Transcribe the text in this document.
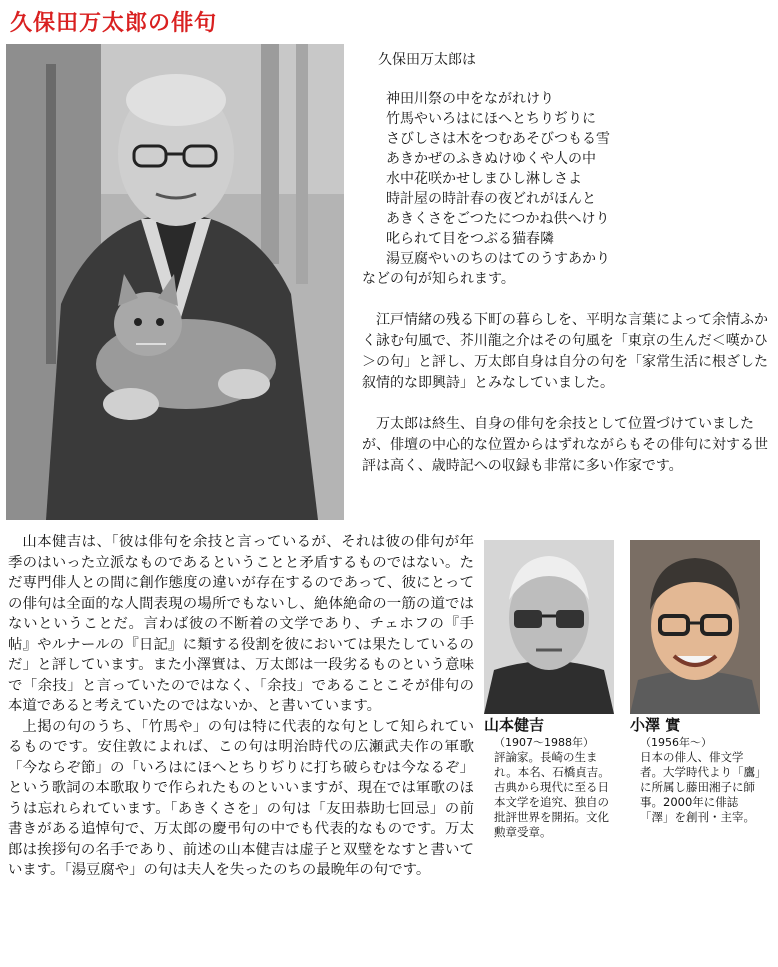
久保田万太郎の俳句

久保田万太郎は

神田川祭の中をながれけり
竹馬やいろはにほへとちりぢりに
さびしさは木をつむあそびつもる雪
あきかぜのふきぬけゆくや人の中
水中花咲かせしまひし淋しさよ
時計屋の時計春の夜どれがほんと
あきくさをごつたにつかね供へけり
叱られて目をつぶる猫春隣
湯豆腐やいのちのはてのうすあかり

などの句が知られます。

江戸情緒の残る下町の暮らしを、平明な言葉によって余情ふかく詠む句風で、芥川龍之介はその句風を「東京の生んだ＜嘆かひ＞の句」と評し、万太郎自身は自分の句を「家常生活に根ざした叙情的な即興詩」とみなしていました。

万太郎は終生、自身の俳句を余技として位置づけていましたが、俳壇の中心的な位置からはずれながらもその俳句に対する世評は高く、歳時記への収録も非常に多い作家です。

山本健吉は、「彼は俳句を余技と言っているが、それは彼の俳句が年季のはいった立派なものであるということと矛盾するものではない。ただ専門俳人との間に創作態度の違いが存在するのであって、彼にとっての俳句は全面的な人間表現の場所でもないし、絶体絶命の一筋の道ではないということだ。言わば彼の不断着の文学であり、チェホフの『手帖』やルナールの『日記』に類する役割を彼においては果たしているのだ」と評しています。また小澤實は、万太郎は一段劣るものという意味で「余技」と言っていたのではなく、「余技」であることこそが俳句の本道であると考えていたのではないか、と書いています。

上掲の句のうち、「竹馬や」の句は特に代表的な句として知られているものです。安住敦によれば、この句は明治時代の広瀬武夫作の軍歌「今ならぞ節」の「いろはにほへとちりぢりに打ち破らむは今なるぞ」という歌詞の本歌取りで作られたものといいますが、現在では軍歌のほうは忘れられています。「あきくさを」の句は「友田恭助七回忌」の前書きがある追悼句で、万太郎の慶弔句の中でも代表的なものです。万太郎は挨拶句の名手であり、前述の山本健吉は虚子と双璧をなすと書いています。「湯豆腐や」の句は夫人を失ったのちの最晩年の句です。

山本健吉
（1907〜1988年）
評論家。長崎の生まれ。本名、石橋貞吉。古典から現代に至る日本文学を追究、独自の批評世界を開拓。文化勲章受章。
小澤 實
（1956年〜）
日本の俳人、俳文学者。大学時代より「鷹」に所属し藤田湘子に師事。2000年に俳誌「澤」を創刊・主宰。
